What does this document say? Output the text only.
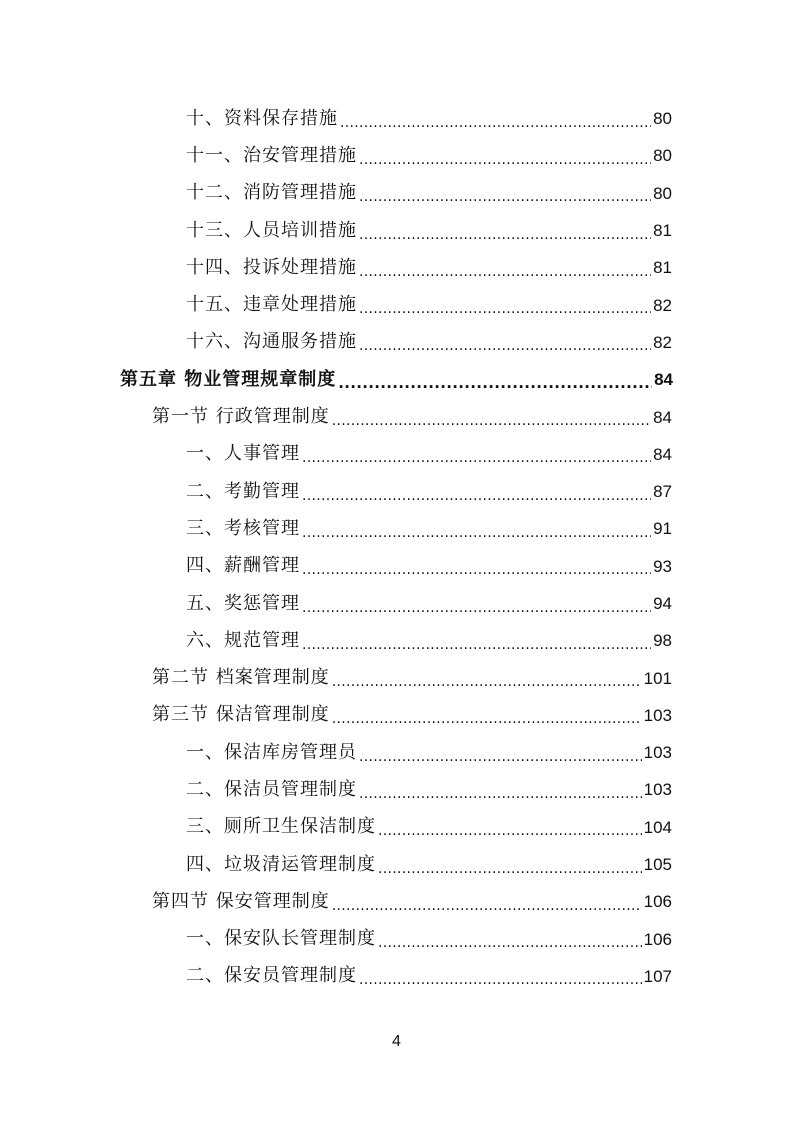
十、资料保存措施 .....	80
十一、治安管理措施 .....	80
十二、消防管理措施 .....	80
十三、人员培训措施 .....	81
十四、投诉处理措施 .....	81
十五、违章处理措施 .....	82
十六、沟通服务措施 .....	82
第五章 物业管理规章制度 .....	84
第一节 行政管理制度 .....	84
一、人事管理 .....	84
二、考勤管理 .....	87
三、考核管理 .....	91
四、薪酬管理 .....	93
五、奖惩管理 .....	94
六、规范管理 .....	98
第二节 档案管理制度 .....	101
第三节 保洁管理制度 .....	103
一、保洁库房管理员 .....	103
二、保洁员管理制度 .....	103
三、厕所卫生保洁制度 .....	104
四、垃圾清运管理制度 .....	105
第四节 保安管理制度 .....	106
一、保安队长管理制度 .....	106
二、保安员管理制度 .....	107
4
